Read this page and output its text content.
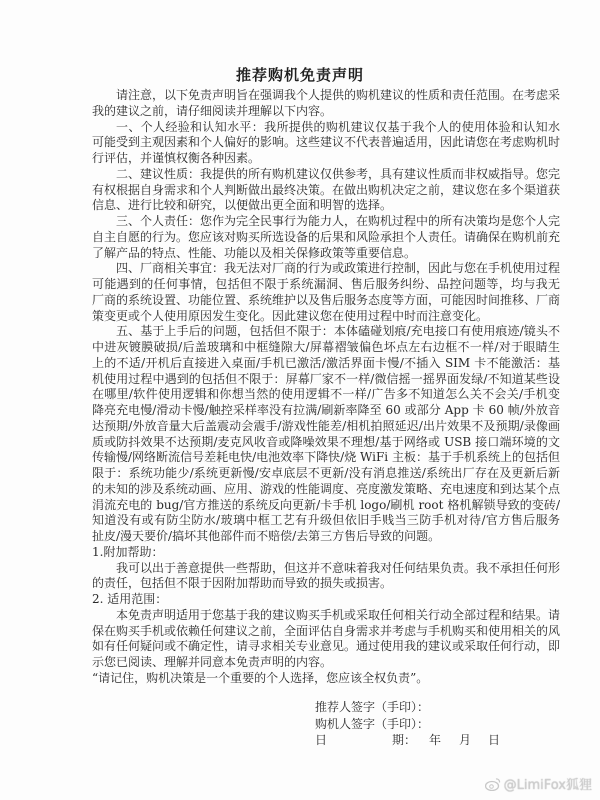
推荐购机免责声明
请注意，以下免责声明旨在强调我个人提供的购机建议的性质和责任范围。在考虑采
我的建议之前，请仔细阅读并理解以下内容。
一、个人经验和认知水平：我所提供的购机建议仅基于我个人的使用体验和认知水
可能受到主观因素和个人偏好的影响。这些建议不代表普遍适用，因此请您在考虑购机时
行评估，并谨慎权衡各种因素。
二、建议性质：我提供的所有购机建议仅供参考，具有建议性质而非权威指导。您完
有权根据自身需求和个人判断做出最终决策。在做出购机决定之前，建议您在多个渠道获
信息、进行比较和研究，以便做出更全面和明智的选择。
三、个人责任：您作为完全民事行为能力人，在购机过程中的所有决策均是您个人完
自主自愿的行为。您应该对购买所选设备的后果和风险承担个人责任。请确保在购机前充
了解产品的特点、性能、功能以及相关保修政策等重要信息。
四、厂商相关事宜：我无法对厂商的行为或政策进行控制，因此与您在手机使用过程
可能遇到的任何事情，包括但不限于系统漏洞、售后服务纠纷、品控问题等，均与我无
厂商的系统设置、功能位置、系统维护以及售后服务态度等方面，可能因时间推移、厂商
策变更或个人使用原因发生变化。因此建议您在使用过程中时而注意变化。
五、基于上手后的问题，包括但不限于：本体磕碰划痕/充电接口有使用痕迹/镜头不
中进灰镀膜破损/后盖玻璃和中框缝隙大/屏幕褶皱偏色坏点左右边框不一样/对于眼睛生
上的不适/开机后直接进入桌面/手机已激活/激活界面卡慢/不插入 SIM 卡不能激活：基
机使用过程中遇到的包括但不限于：屏幕厂家不一样/微信摇一摇界面发绿/不知道某些设
在哪里/软件使用逻辑和你想当然的使用逻辑不一样/广告多不知道怎么关不会关/手机变
降亮充电慢/滑动卡慢/触控采样率没有拉满/刷新率降至 60 或部分 App 卡 60 帧/外放音
达预期/外放音量大后盖震动会震手/游戏性能差/相机拍照延迟/出片效果不及预期/录像画
质或防抖效果不达预期/麦克风收音或降噪效果不理想/基于网络或 USB 接口端环境的文
传输慢/网络断流信号差耗电快/电池效率下降快/烧 WiFi 主板：基于手机系统上的包括但
限于：系统功能少/系统更新慢/安卓底层不更新/没有消息推送/系统出厂存在及更新后新
的未知的涉及系统动画、应用、游戏的性能调度、亮度激发策略、充电速度和到达某个点
涓流充电的 bug/官方推送的系统反向更新/卡手机 logo/刷机 root 格机解锁导致的变砖/
知道没有或有防尘防水/玻璃中框工艺有升级但依旧手贱当三防手机对待/官方售后服务
扯皮/漫天要价/搞坏其他部件而不赔偿/去第三方售后导致的问题。
1.附加帮助：
我可以出于善意提供一些帮助，但这并不意味着我对任何结果负责。我不承担任何形
的责任，包括但不限于因附加帮助而导致的损失或损害。
2. 适用范围：
本免责声明适用于您基于我的建议购买手机或采取任何相关行动全部过程和结果。请
保在购买手机或依赖任何建议之前，全面评估自身需求并考虑与手机购买和使用相关的风
如有任何疑问或不确定性，请寻求相关专业意见。通过使用我的建议或采取任何行动，即
示您已阅读、理解并同意本免责声明的内容。
“请记住，购机决策是一个重要的个人选择，您应该全权负责”。
推荐人签字（手印）：
购机人签字（手印）：
日	期： 年 月 日
@LimiFox狐狸
